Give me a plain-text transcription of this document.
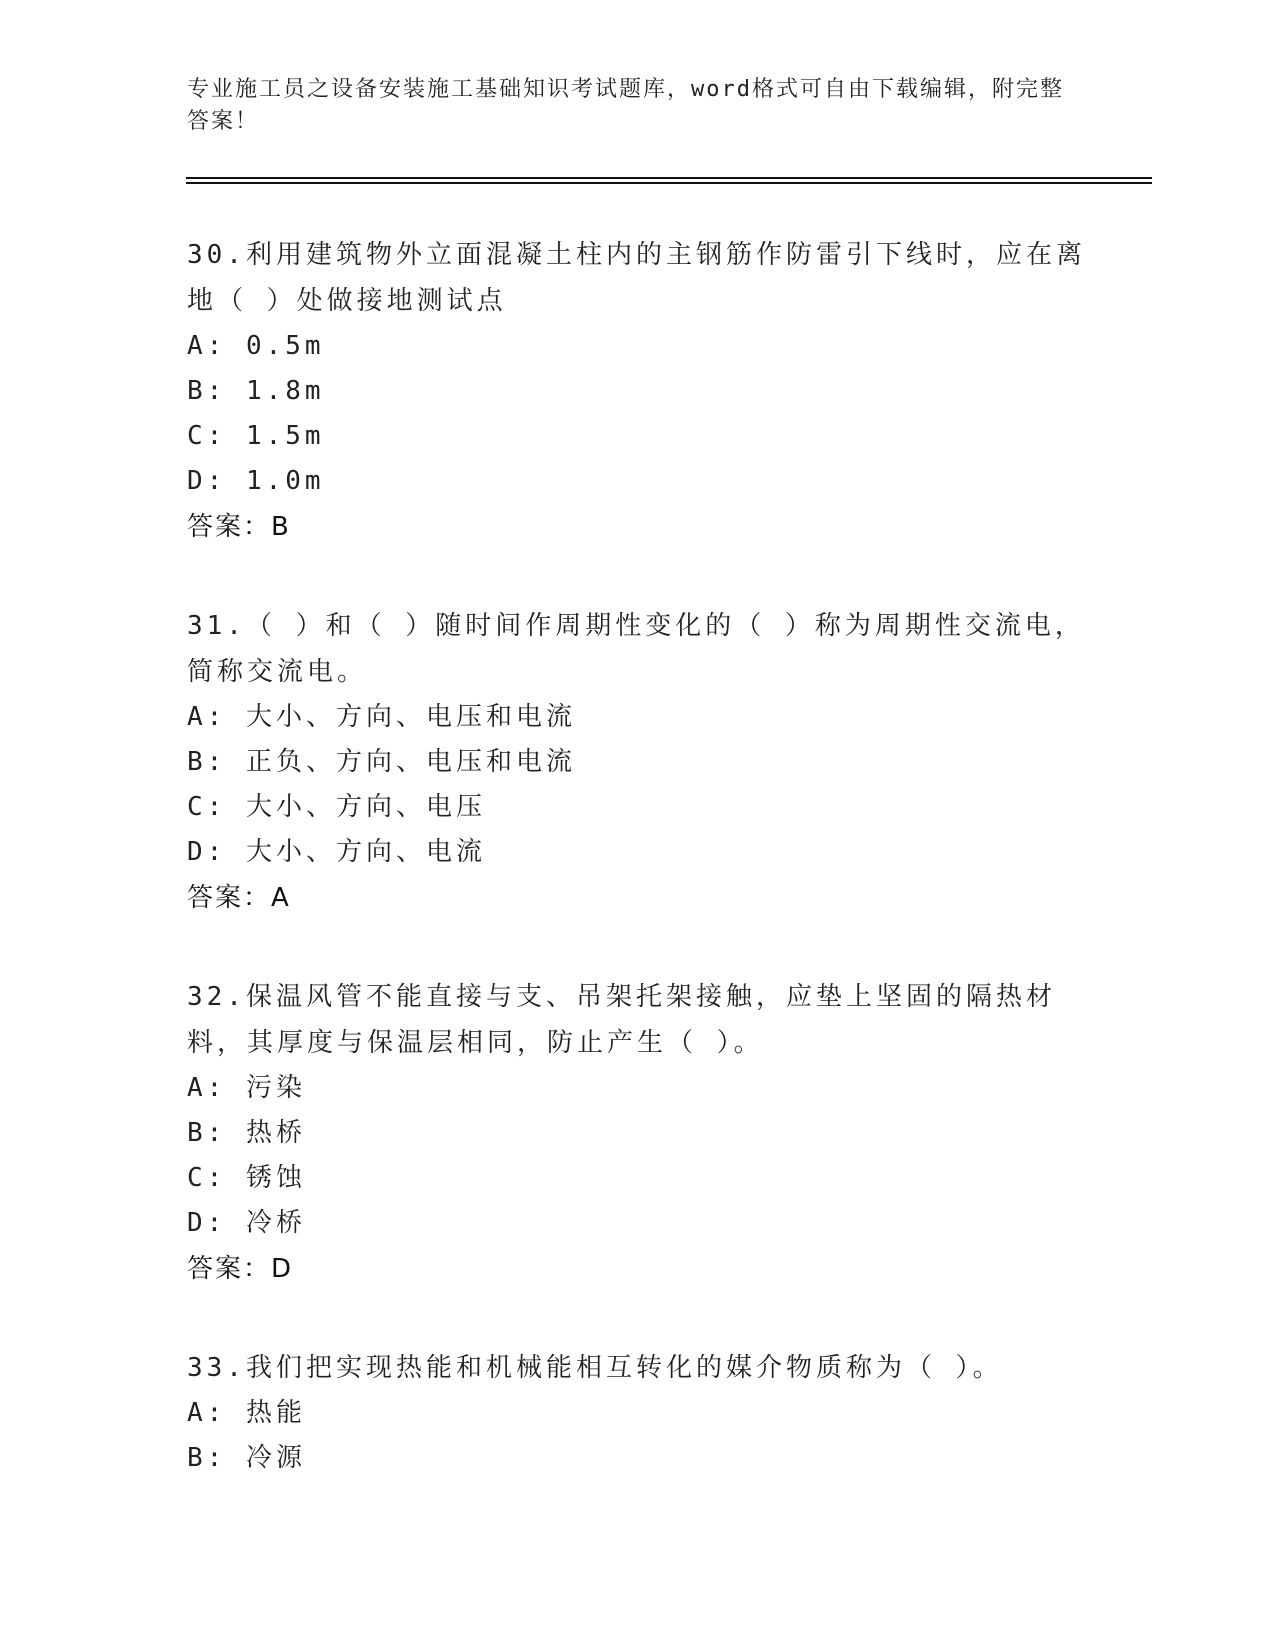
专业施工员之设备安装施工基础知识考试题库，word格式可自由下载编辑，附完整答案！
30.利用建筑物外立面混凝土柱内的主钢筋作防雷引下线时，应在离地（ ）处做接地测试点
A: 0.5m
B: 1.8m
C: 1.5m
D: 1.0m
答案：B
31.（ ）和（ ）随时间作周期性变化的（ ）称为周期性交流电，简称交流电。
A: 大小、方向、电压和电流
B: 正负、方向、电压和电流
C: 大小、方向、电压
D: 大小、方向、电流
答案：A
32.保温风管不能直接与支、吊架托架接触，应垫上坚固的隔热材料，其厚度与保温层相同，防止产生（ ）。
A: 污染
B: 热桥
C: 锈蚀
D: 冷桥
答案：D
33.我们把实现热能和机械能相互转化的媒介物质称为（ ）。
A: 热能
B: 冷源
